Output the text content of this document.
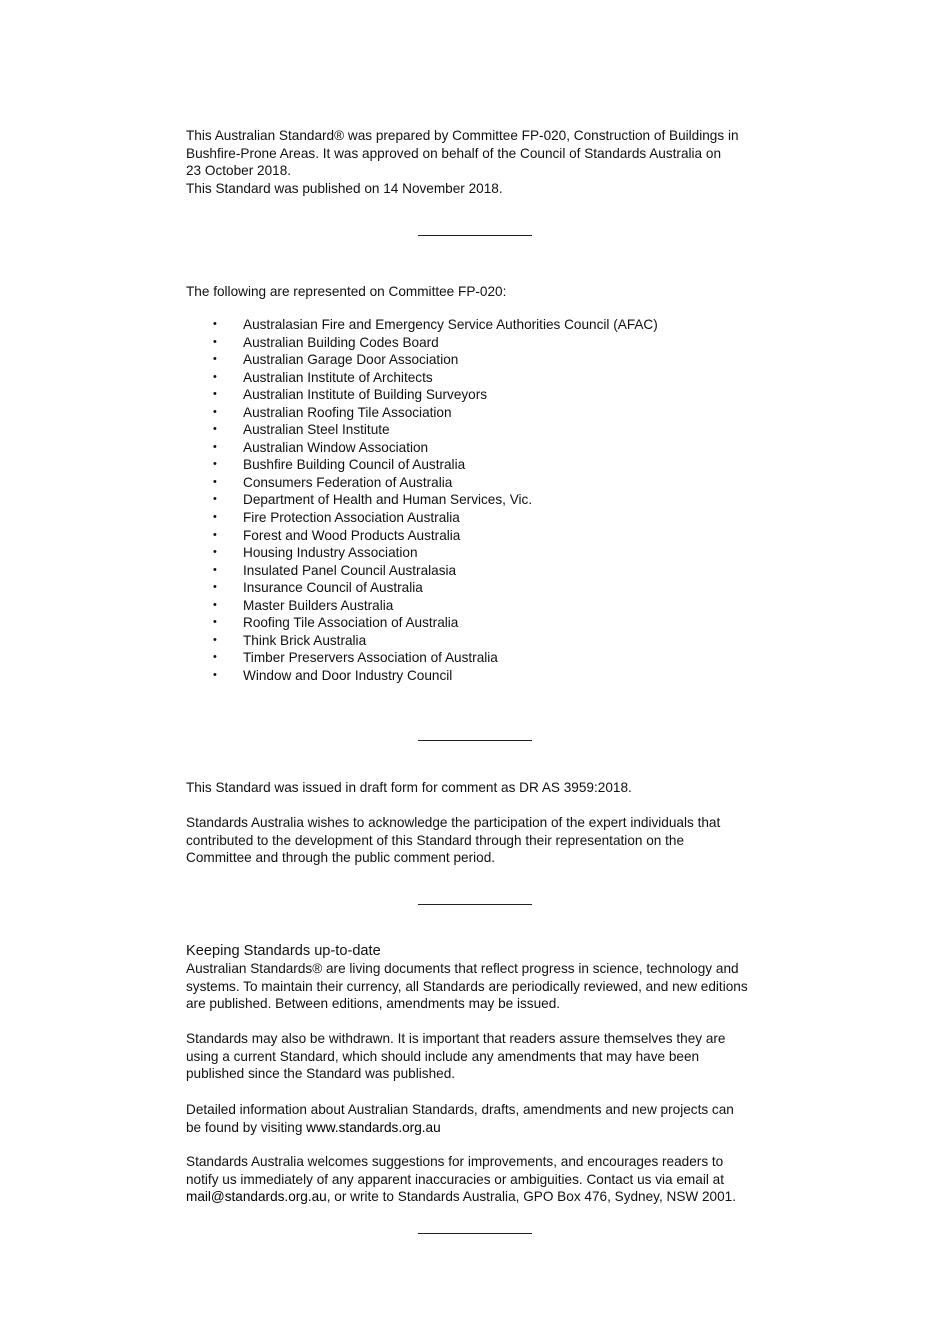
This Australian Standard® was prepared by Committee FP-020, Construction of Buildings in

Bushfire-Prone Areas. It was approved on behalf of the Council of Standards Australia on

23 October 2018.

This Standard was published on 14 November 2018.

The following are represented on Committee FP-020:

• Australasian Fire and Emergency Service Authorities Council (AFAC)
• Australian Building Codes Board
• Australian Garage Door Association
• Australian Institute of Architects
• Australian Institute of Building Surveyors
• Australian Roofing Tile Association
• Australian Steel Institute
• Australian Window Association
• Bushfire Building Council of Australia
• Consumers Federation of Australia
• Department of Health and Human Services, Vic.
• Fire Protection Association Australia
• Forest and Wood Products Australia
• Housing Industry Association
• Insulated Panel Council Australasia
• Insurance Council of Australia
• Master Builders Australia
• Roofing Tile Association of Australia
• Think Brick Australia
• Timber Preservers Association of Australia
• Window and Door Industry Council

This Standard was issued in draft form for comment as DR AS 3959:2018.

Standards Australia wishes to acknowledge the participation of the expert individuals that

contributed to the development of this Standard through their representation on the

Committee and through the public comment period.

Keeping Standards up-to-date

Australian Standards® are living documents that reflect progress in science, technology and

systems. To maintain their currency, all Standards are periodically reviewed, and new editions

are published. Between editions, amendments may be issued.

Standards may also be withdrawn. It is important that readers assure themselves they are

using a current Standard, which should include any amendments that may have been

published since the Standard was published.

Detailed information about Australian Standards, drafts, amendments and new projects can

be found by visiting www.standards.org.au

Standards Australia welcomes suggestions for improvements, and encourages readers to

notify us immediately of any apparent inaccuracies or ambiguities. Contact us via email at

mail@standards.org.au, or write to Standards Australia, GPO Box 476, Sydney, NSW 2001.
